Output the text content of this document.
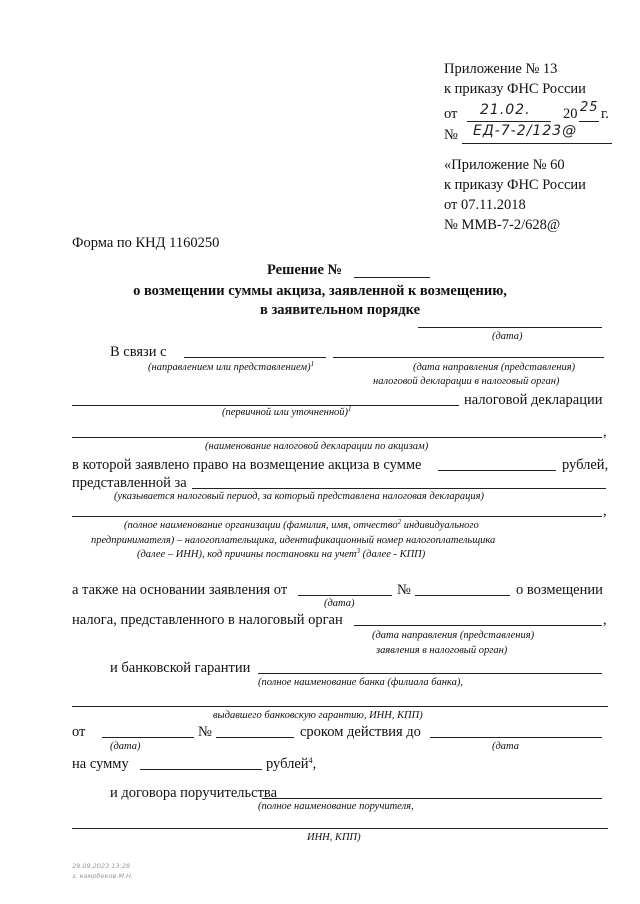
Приложение № 13
к приказу ФНС России
от 21.02. 20 25 г.
№ ЕД-7-2/123@
«Приложение № 60
к приказу ФНС России
от 07.11.2018
№ ММВ-7-2/628@
Форма по КНД 1160250
Решение №
о возмещении суммы акциза, заявленной к возмещению,
в заявительном порядке
(дата)
В связи с
(направлением или представлением)$^1$	(дата направления (представления)
налоговой декларации в налоговый орган)
налоговой декларации
(первичной или уточненной)$^1$
,
(наименование налоговой декларации по акцизам)
в которой заявлено право на возмещение акциза в сумме	рублей,
представленной за
(указывается налоговый период, за который представлена налоговая декларация)
,
(полное наименование организации (фамилия, имя, отчество$^2$ индивидуального
предпринимателя) – налогоплательщика, идентификационный номер налогоплательщика
(далее – ИНН), код причины постановки на учет$^3$ (далее - КПП)
а также на основании заявления от	№	о возмещении
(дата)
налога, представленного в налоговый орган	,
(дата направления (представления)
заявления в налоговый орган)
и банковской гарантии
(полное наименование банка (филиала банка),
выдавшего банковскую гарантию, ИНН, КПП)
от	№	сроком действия до
(дата)	(дата
на сумму	рублей$^4$,
и договора поручительства
(полное наименование поручителя,
ИНН, КПП)
29.09.2023 13:28
з. камрбеков М.Н.
